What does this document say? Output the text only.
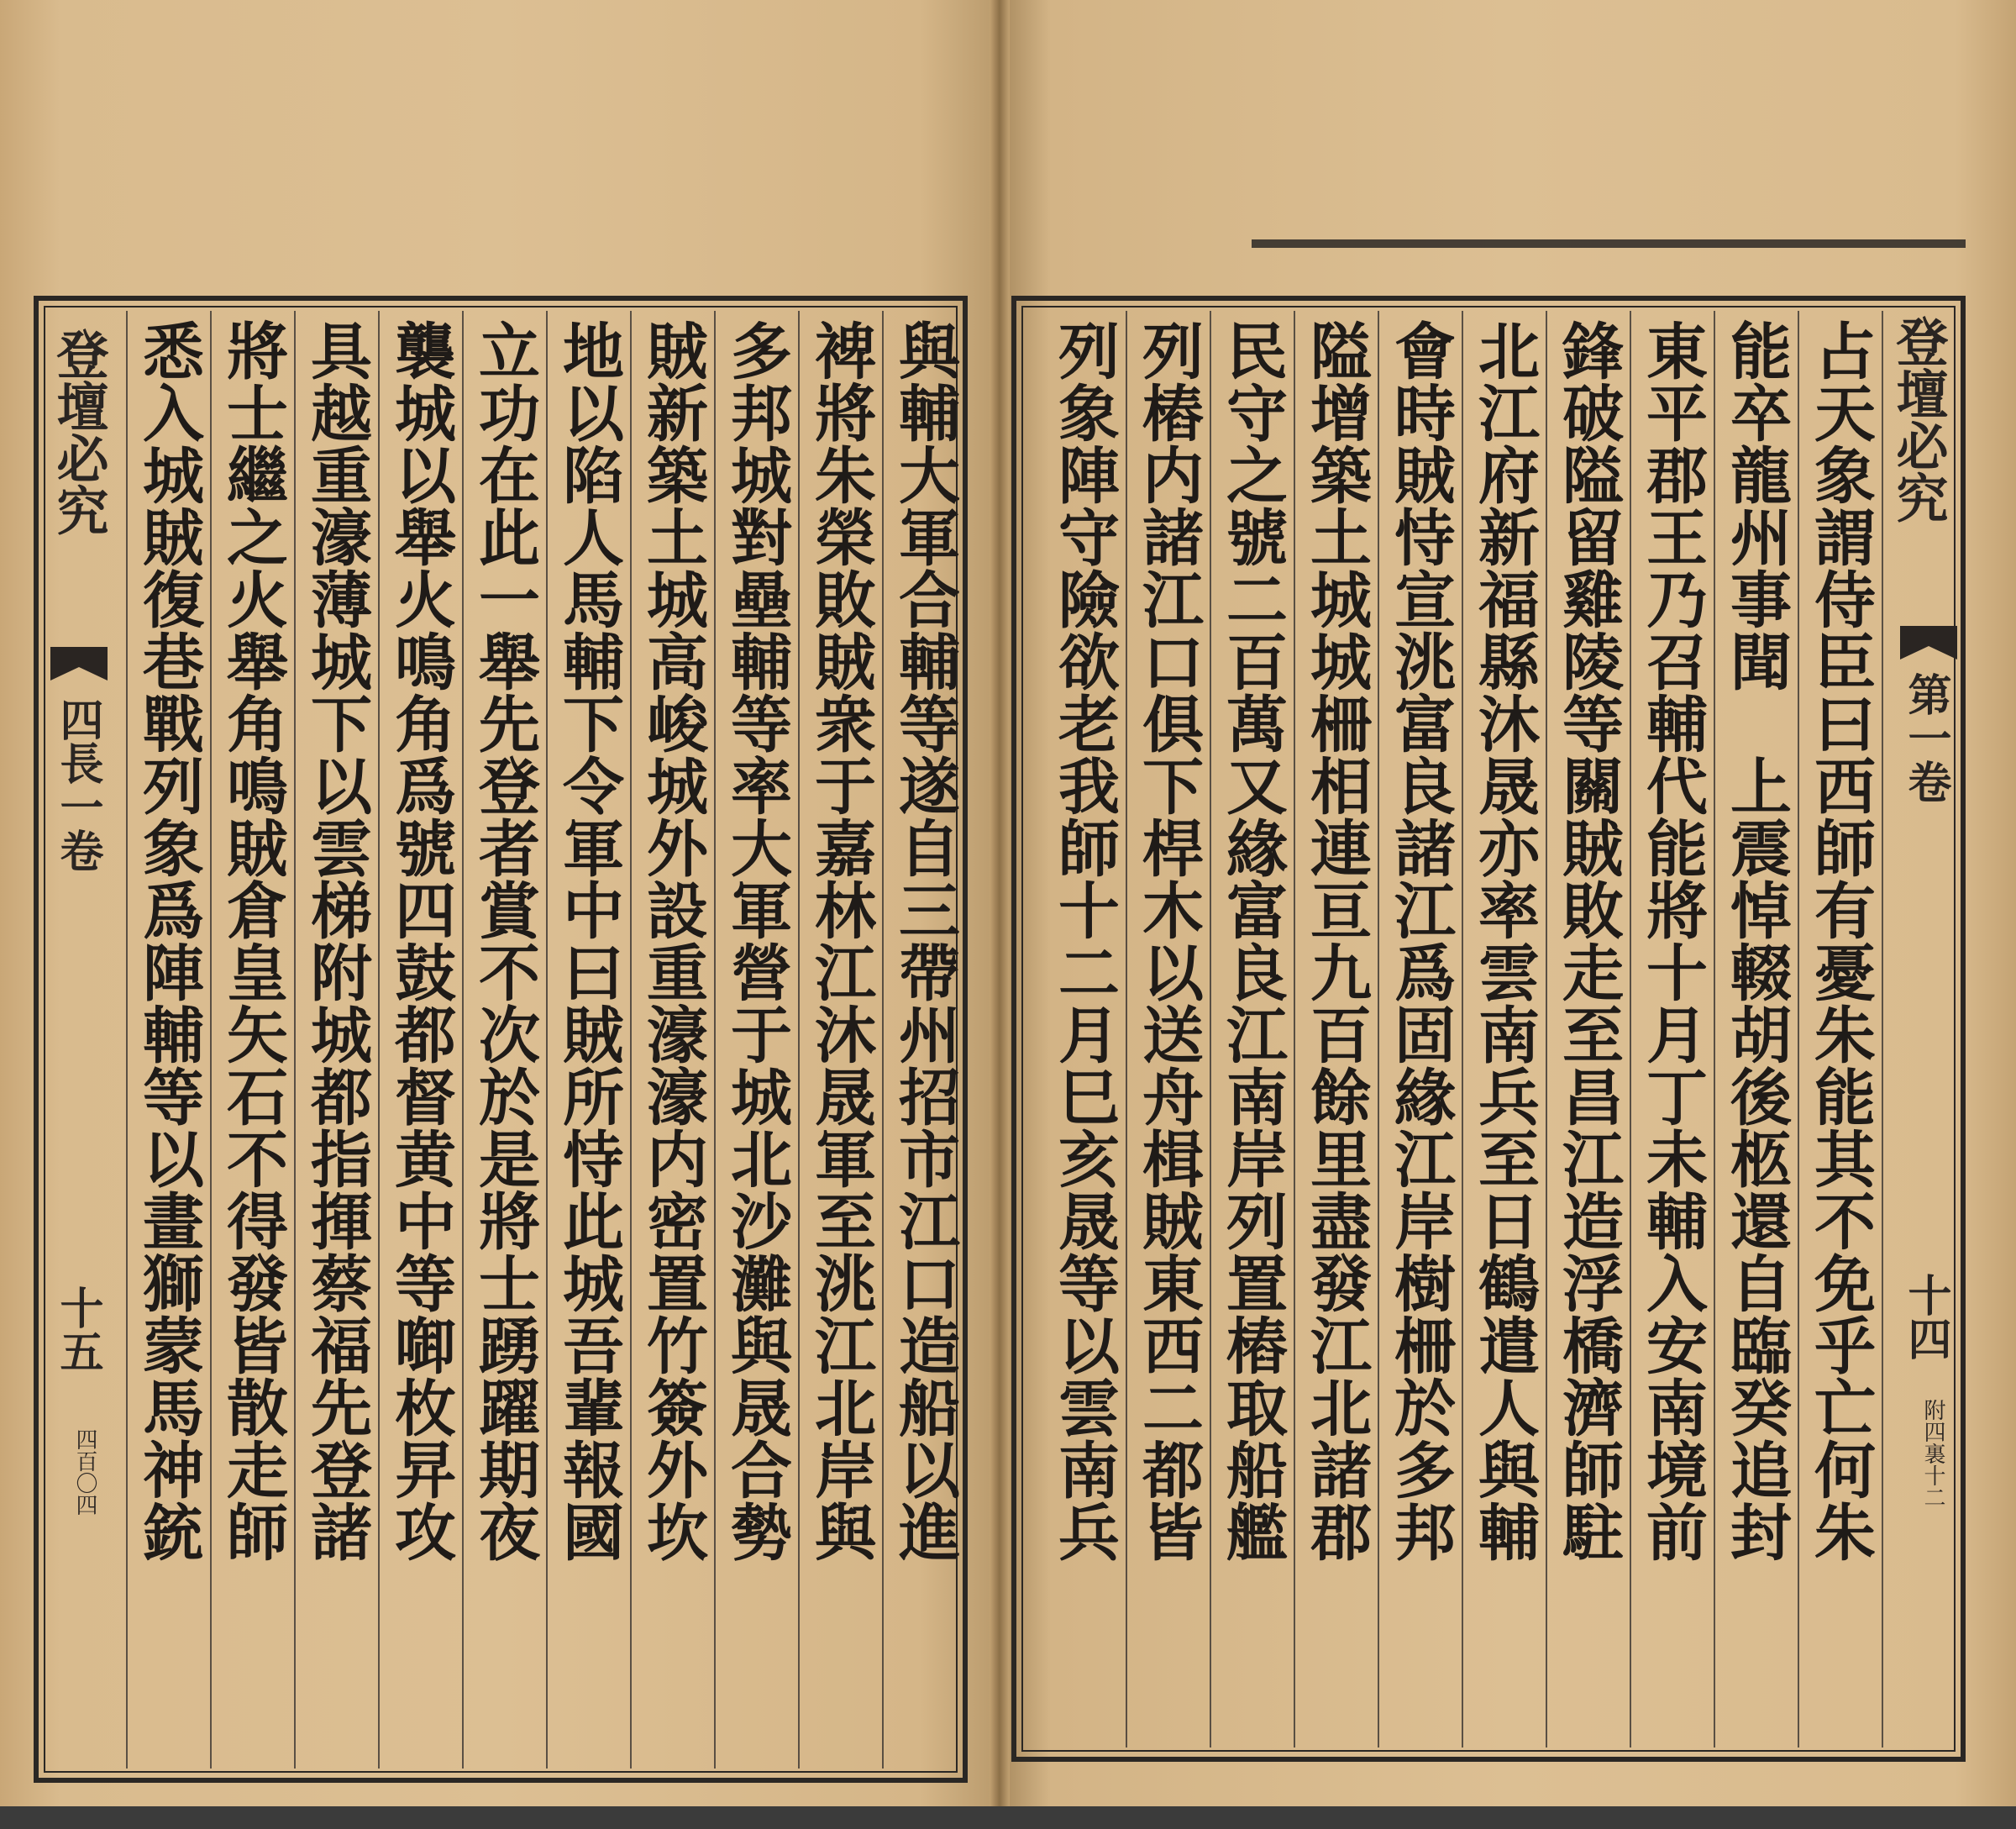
與輔大軍合輔等遂自三帶州招市江口造船以進
裨將朱榮敗賊衆于嘉林江沐晟軍至洮江北岸與
多邦城對壘輔等率大軍營于城北沙灘與晟合勢
賊新築土城高峻城外設重濠濠内密置竹簽外坎
地以陷人馬輔下令軍中曰賊所恃此城吾輩報國
立功在此一舉先登者賞不次於是將士踴躍期夜
襲城以舉火鳴角爲號四鼓都督黄中等啣枚㫒攻
具越重濠薄城下以雲梯附城都指揮蔡福先登諸
將士繼之火舉角鳴賊倉皇矢石不得發皆散走師
悉入城賊復巷戰列象爲陣輔等以畫獅蒙馬神銃
登壇必究
四長一卷
十五
四百〇四	占天象謂侍臣曰西師有憂朱能其不免乎亡何朱
能卒龍州事聞　上震悼輟胡後柩還自臨癸追封
東平郡王乃召輔代能將十月丁未輔入安南境前
鋒破隘留雞陵等關賊敗走至昌江造浮橋濟師駐
北江府新福縣沐晟亦率雲南兵至日鶴遣人與輔
會時賊恃宣洮富良諸江爲固緣江岸樹柵於多邦
隘增築土城城柵相連亘九百餘里盡發江北諸郡
民守之號二百萬又緣富良江南岸列置樁取船艦
列樁内諸江口俱下桿木以送舟楫賊東西二都皆
列象陣守險欲老我師十二月巳亥晟等以雲南兵	登壇必究
第一卷
十四
附四裏十二
